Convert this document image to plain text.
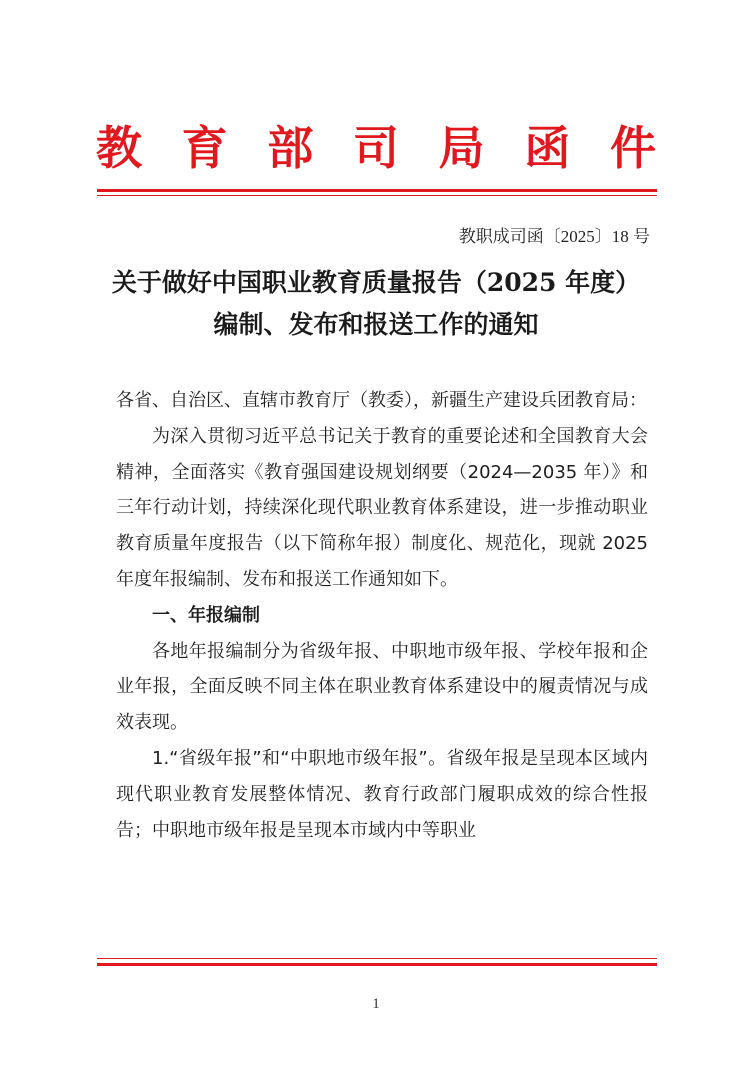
教育部司局函件
教职成司函〔2025〕18 号
关于做好中国职业教育质量报告（2025 年度）
编制、发布和报送工作的通知

各省、自治区、直辖市教育厅（教委），新疆生产建设兵团教育局：

为深入贯彻习近平总书记关于教育的重要论述和全国教育大会精神，全面落实《教育强国建设规划纲要（2024—2035 年）》和三年行动计划，持续深化现代职业教育体系建设，进一步推动职业教育质量年度报告（以下简称年报）制度化、规范化，现就 2025 年度年报编制、发布和报送工作通知如下。

一、年报编制

各地年报编制分为省级年报、中职地市级年报、学校年报和企业年报，全面反映不同主体在职业教育体系建设中的履责情况与成效表现。

1.“省级年报”和“中职地市级年报”。省级年报是呈现本区域内现代职业教育发展整体情况、教育行政部门履职成效的综合性报告；中职地市级年报是呈现本市域内中等职业

1
